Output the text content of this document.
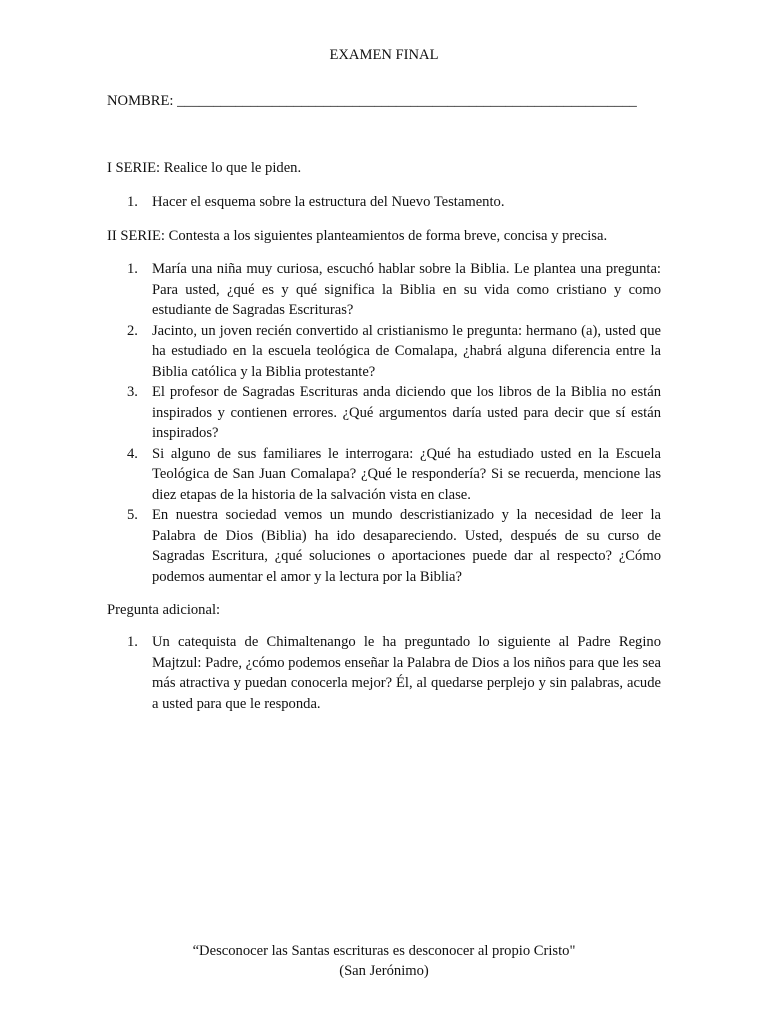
EXAMEN FINAL
NOMBRE: _______________________________________________________________
I SERIE: Realice lo que le piden.
1. Hacer el esquema sobre la estructura del Nuevo Testamento.
II SERIE: Contesta a los siguientes planteamientos de forma breve, concisa y precisa.
1. María una niña muy curiosa, escuchó hablar sobre la Biblia. Le plantea una pregunta: Para usted, ¿qué es y qué significa la Biblia en su vida como cristiano y como estudiante de Sagradas Escrituras?
2. Jacinto, un joven recién convertido al cristianismo le pregunta: hermano (a), usted que ha estudiado en la escuela teológica de Comalapa, ¿habrá alguna diferencia entre la Biblia católica y la Biblia protestante?
3. El profesor de Sagradas Escrituras anda diciendo que los libros de la Biblia no están inspirados y contienen errores. ¿Qué argumentos daría usted para decir que sí están inspirados?
4. Si alguno de sus familiares le interrogara: ¿Qué ha estudiado usted en la Escuela Teológica de San Juan Comalapa? ¿Qué le respondería? Si se recuerda, mencione las diez etapas de la historia de la salvación vista en clase.
5. En nuestra sociedad vemos un mundo descristianizado y la necesidad de leer la Palabra de Dios (Biblia) ha ido desapareciendo. Usted, después de su curso de Sagradas Escritura, ¿qué soluciones o aportaciones puede dar al respecto? ¿Cómo podemos aumentar el amor y la lectura por la Biblia?
Pregunta adicional:
1. Un catequista de Chimaltenango le ha preguntado lo siguiente al Padre Regino Majtzul: Padre, ¿cómo podemos enseñar la Palabra de Dios a los niños para que les sea más atractiva y puedan conocerla mejor? Él, al quedarse perplejo y sin palabras, acude a usted para que le responda.
“Desconocer las Santas escrituras es desconocer al propio Cristo"
(San Jerónimo)
